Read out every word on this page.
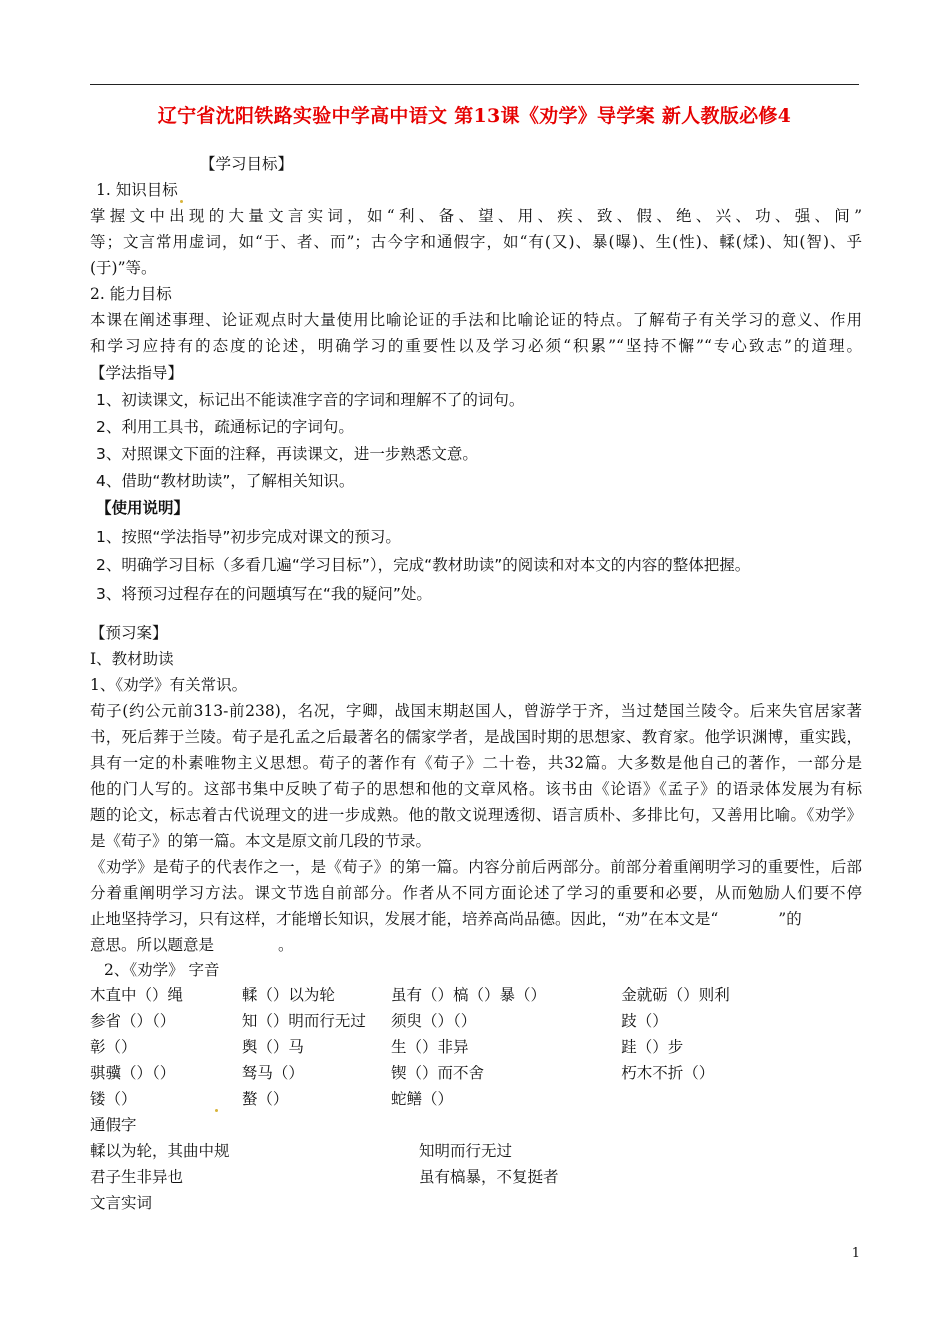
辽宁省沈阳铁路实验中学高中语文 第13课《劝学》导学案 新人教版必修4
【学习目标】
1. 知识目标
掌握文中出现的大量文言实词，如“利、备、望、用、疾、致、假、绝、兴、功、强、间”
等；文言常用虚词，如“于、者、而”；古今字和通假字，如“有(又)、暴(曝)、生(性)、輮(煣)、知(智)、乎
(于)”等。
2. 能力目标
本课在阐述事理、论证观点时大量使用比喻论证的手法和比喻论证的特点。了解荀子有关学习的意义、作用
和学习应持有的态度的论述，明确学习的重要性以及学习必须“积累”“坚持不懈”“专心致志”的道理。
【学法指导】
1、初读课文，标记出不能读准字音的字词和理解不了的词句。
2、利用工具书，疏通标记的字词句。
3、对照课文下面的注释，再读课文，进一步熟悉文意。
4、借助“教材助读”，了解相关知识。
【使用说明】
1、按照“学法指导”初步完成对课文的预习。
2、明确学习目标（多看几遍“学习目标”），完成“教材助读”的阅读和对本文的内容的整体把握。
3、将预习过程存在的问题填写在“我的疑问”处。
【预习案】
I、教材助读
1、《劝学》有关常识。
荀子(约公元前313-前238)，名况，字卿，战国末期赵国人，曾游学于齐，当过楚国兰陵令。后来失官居家著
书，死后葬于兰陵。荀子是孔孟之后最著名的儒家学者，是战国时期的思想家、教育家。他学识渊博，重实践，
具有一定的朴素唯物主义思想。荀子的著作有《荀子》二十卷，共32篇。大多数是他自己的著作，一部分是
他的门人写的。这部书集中反映了荀子的思想和他的文章风格。该书由《论语》《孟子》的语录体发展为有标
题的论文，标志着古代说理文的进一步成熟。他的散文说理透彻、语言质朴、多排比句，又善用比喻。《劝学》
是《荀子》的第一篇。本文是原文前几段的节录。
《劝学》是荀子的代表作之一，是《荀子》的第一篇。内容分前后两部分。前部分着重阐明学习的重要性，后部
分着重阐明学习方法。课文节选自前部分。作者从不同方面论述了学习的重要和必要，从而勉励人们要不停
止地坚持学习，只有这样，才能增长知识，发展才能，培养高尚品德。因此，“劝”在本文是“	”的
意思。所以题意是	。
2、《劝学》 字音
木直中（）绳	輮（）以为轮	虽有（）槁（）暴（）	金就砺（）则利
参省（）（）	知（）明而行无过	须臾（）（）	跂（）
彰（）	舆（）马	生（）非异	跬（）步
骐骥（）（）	驽马（）	锲（）而不舍	朽木不折（）
镂（）	螯（）	蛇鳝（）
通假字
輮以为轮，其曲中规	知明而行无过
君子生非异也	虽有槁暴，不复挺者
文言实词
1
